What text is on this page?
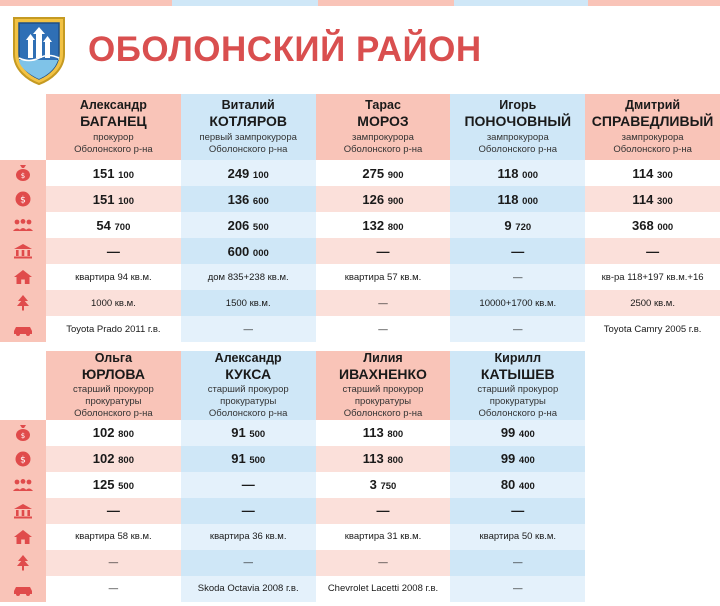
ОБОЛОНСКИЙ РАЙОН

	Александр
БАГАНЕЦ
прокурор
Оболонского р-на	Виталий
КОТЛЯРОВ
первый зампрокурора
Оболонского р-на	Тарас
МОРОЗ
зампрокурора
Оболонского р-на	Игорь
ПОНОЧОВНЫЙ
зампрокурора
Оболонского р-на	Дмитрий
СПРАВЕДЛИВЫЙ
зампрокурора
Оболонского р-на

$	151 100	249 100	275 900	118 000	114 300

$	151 100	136 600	126 900	118 000	114 300
	54 700	206 500	132 800	9 720	368 000
	—	600 000	—	—	—
	квартира 94 кв.м.	дом 835+238 кв.м.	квартира 57 кв.м.	—	кв-ра 118+197 кв.м.+16
	1000 кв.м.	1500 кв.м.	—	10000+1700 кв.м.	2500 кв.м.
	Toyota Prado 2011 г.в.	—	—	—	Toyota Camry 2005 г.в.

	Ольга
ЮРЛОВА
старший прокурор
прокуратуры
Оболонского р-на	Александр
КУКСА
старший прокурор
прокуратуры
Оболонского р-на	Лилия
ИВАХНЕНКО
старший прокурор
прокуратуры
Оболонского р-на	Кирилл
КАТЫШЕВ
старший прокурор
прокуратуры
Оболонского р-на	

$	102 800	91 500	113 800	99 400	

$	102 800	91 500	113 800	99 400	
	125 500	—	3 750	80 400	
	—	—	—	—	
	квартира 58 кв.м.	квартира 36 кв.м.	квартира 31 кв.м.	квартира 50 кв.м.	
	—	—	—	—	
	—	Skoda Octavia 2008 г.в.	Chevrolet Lacetti 2008 г.в.	—	
